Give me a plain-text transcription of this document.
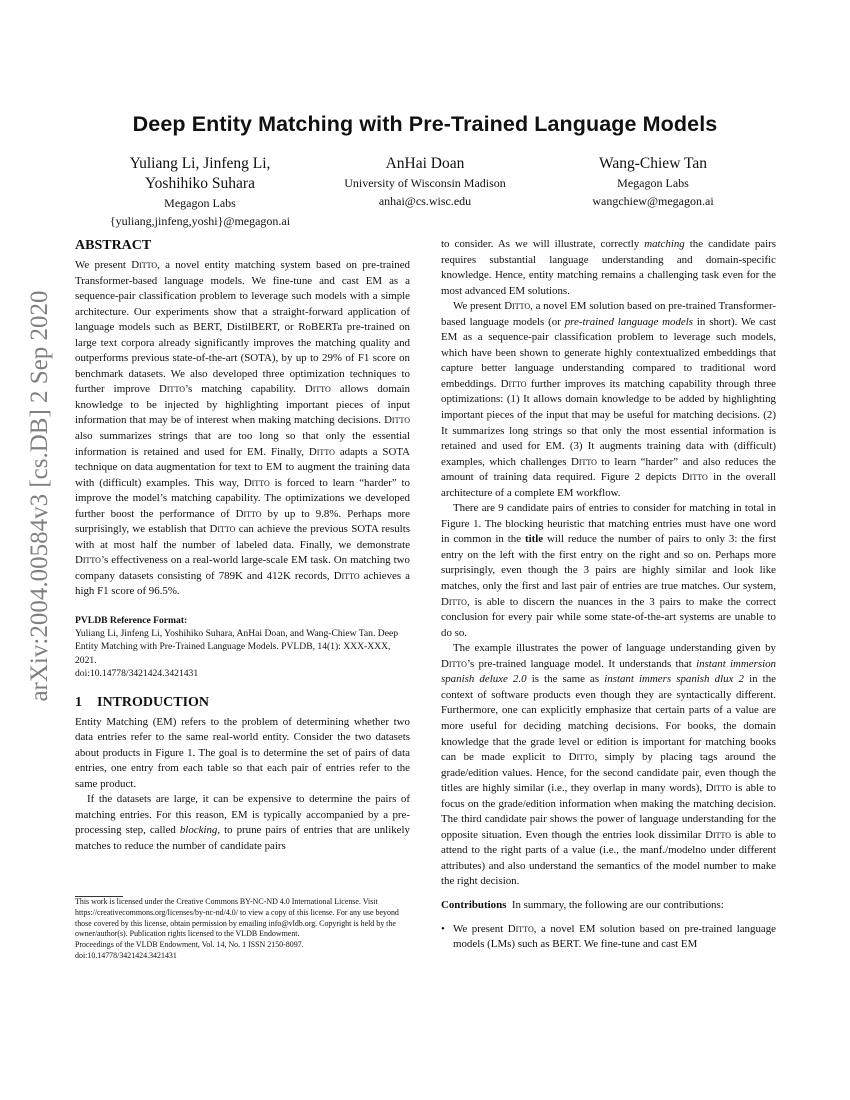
arXiv:2004.00584v3 [cs.DB] 2 Sep 2020
Deep Entity Matching with Pre-Trained Language Models
Yuliang Li, Jinfeng Li,
Yoshihiko Suhara
Megagon Labs
{yuliang,jinfeng,yoshi}@megagon.ai
AnHai Doan
University of Wisconsin Madison
anhai@cs.wisc.edu
Wang-Chiew Tan
Megagon Labs
wangchiew@megagon.ai
ABSTRACT

We present Ditto, a novel entity matching system based on pre-trained Transformer-based language models. We fine-tune and cast EM as a sequence-pair classification problem to leverage such models with a simple architecture. Our experiments show that a straight-forward application of language models such as BERT, DistilBERT, or RoBERTa pre-trained on large text corpora already significantly improves the matching quality and outperforms previous state-of-the-art (SOTA), by up to 29% of F1 score on benchmark datasets. We also developed three optimization techniques to further improve Ditto’s matching capability. Ditto allows domain knowledge to be injected by highlighting important pieces of input information that may be of interest when making matching decisions. Ditto also summarizes strings that are too long so that only the essential information is retained and used for EM. Finally, Ditto adapts a SOTA technique on data augmentation for text to EM to augment the training data with (difficult) examples. This way, Ditto is forced to learn “harder” to improve the model’s matching capability. The optimizations we developed further boost the performance of Ditto by up to 9.8%. Perhaps more surprisingly, we establish that Ditto can achieve the previous SOTA results with at most half the number of labeled data. Finally, we demonstrate Ditto’s effectiveness on a real-world large-scale EM task. On matching two company datasets consisting of 789K and 412K records, Ditto achieves a high F1 score of 96.5%.

PVLDB Reference Format:
Yuliang Li, Jinfeng Li, Yoshihiko Suhara, AnHai Doan, and Wang-Chiew Tan. Deep Entity Matching with Pre-Trained Language Models. PVLDB, 14(1): XXX-XXX, 2021.
doi:10.14778/3421424.3421431
1 INTRODUCTION

Entity Matching (EM) refers to the problem of determining whether two data entries refer to the same real-world entity. Consider the two datasets about products in Figure 1. The goal is to determine the set of pairs of data entries, one entry from each table so that each pair of entries refer to the same product.

If the datasets are large, it can be expensive to determine the pairs of matching entries. For this reason, EM is typically accompanied by a pre-processing step, called blocking, to prune pairs of entries that are unlikely matches to reduce the number of candidate pairs

This work is licensed under the Creative Commons BY-NC-ND 4.0 International License. Visit https://creativecommons.org/licenses/by-nc-nd/4.0/ to view a copy of this license. For any use beyond those covered by this license, obtain permission by emailing info@vldb.org. Copyright is held by the owner/author(s). Publication rights licensed to the VLDB Endowment.

Proceedings of the VLDB Endowment, Vol. 14, No. 1 ISSN 2150-8097.

doi:10.14778/3421424.3421431

to consider. As we will illustrate, correctly matching the candidate pairs requires substantial language understanding and domain-specific knowledge. Hence, entity matching remains a challenging task even for the most advanced EM solutions.

We present Ditto, a novel EM solution based on pre-trained Transformer-based language models (or pre-trained language models in short). We cast EM as a sequence-pair classification problem to leverage such models, which have been shown to generate highly contextualized embeddings that capture better language understanding compared to traditional word embeddings. Ditto further improves its matching capability through three optimizations: (1) It allows domain knowledge to be added by highlighting important pieces of the input that may be useful for matching decisions. (2) It summarizes long strings so that only the most essential information is retained and used for EM. (3) It augments training data with (difficult) examples, which challenges Ditto to learn “harder” and also reduces the amount of training data required. Figure 2 depicts Ditto in the overall architecture of a complete EM workflow.

There are 9 candidate pairs of entries to consider for matching in total in Figure 1. The blocking heuristic that matching entries must have one word in common in the title will reduce the number of pairs to only 3: the first entry on the left with the first entry on the right and so on. Perhaps more surprisingly, even though the 3 pairs are highly similar and look like matches, only the first and last pair of entries are true matches. Our system, Ditto, is able to discern the nuances in the 3 pairs to make the correct conclusion for every pair while some state-of-the-art systems are unable to do so.

The example illustrates the power of language understanding given by Ditto’s pre-trained language model. It understands that instant immersion spanish deluxe 2.0 is the same as instant immers spanish dlux 2 in the context of software products even though they are syntactically different. Furthermore, one can explicitly emphasize that certain parts of a value are more useful for deciding matching decisions. For books, the domain knowledge that the grade level or edition is important for matching books can be made explicit to Ditto, simply by placing tags around the grade/edition values. Hence, for the second candidate pair, even though the titles are highly similar (i.e., they overlap in many words), Ditto is able to focus on the grade/edition information when making the matching decision. The third candidate pair shows the power of language understanding for the opposite situation. Even though the entries look dissimilar Ditto is able to attend to the right parts of a value (i.e., the manf./modelno under different attributes) and also understand the semantics of the model number to make the right decision.

Contributions In summary, the following are our contributions:

• We present Ditto, a novel EM solution based on pre-trained language models (LMs) such as BERT. We fine-tune and cast EM
